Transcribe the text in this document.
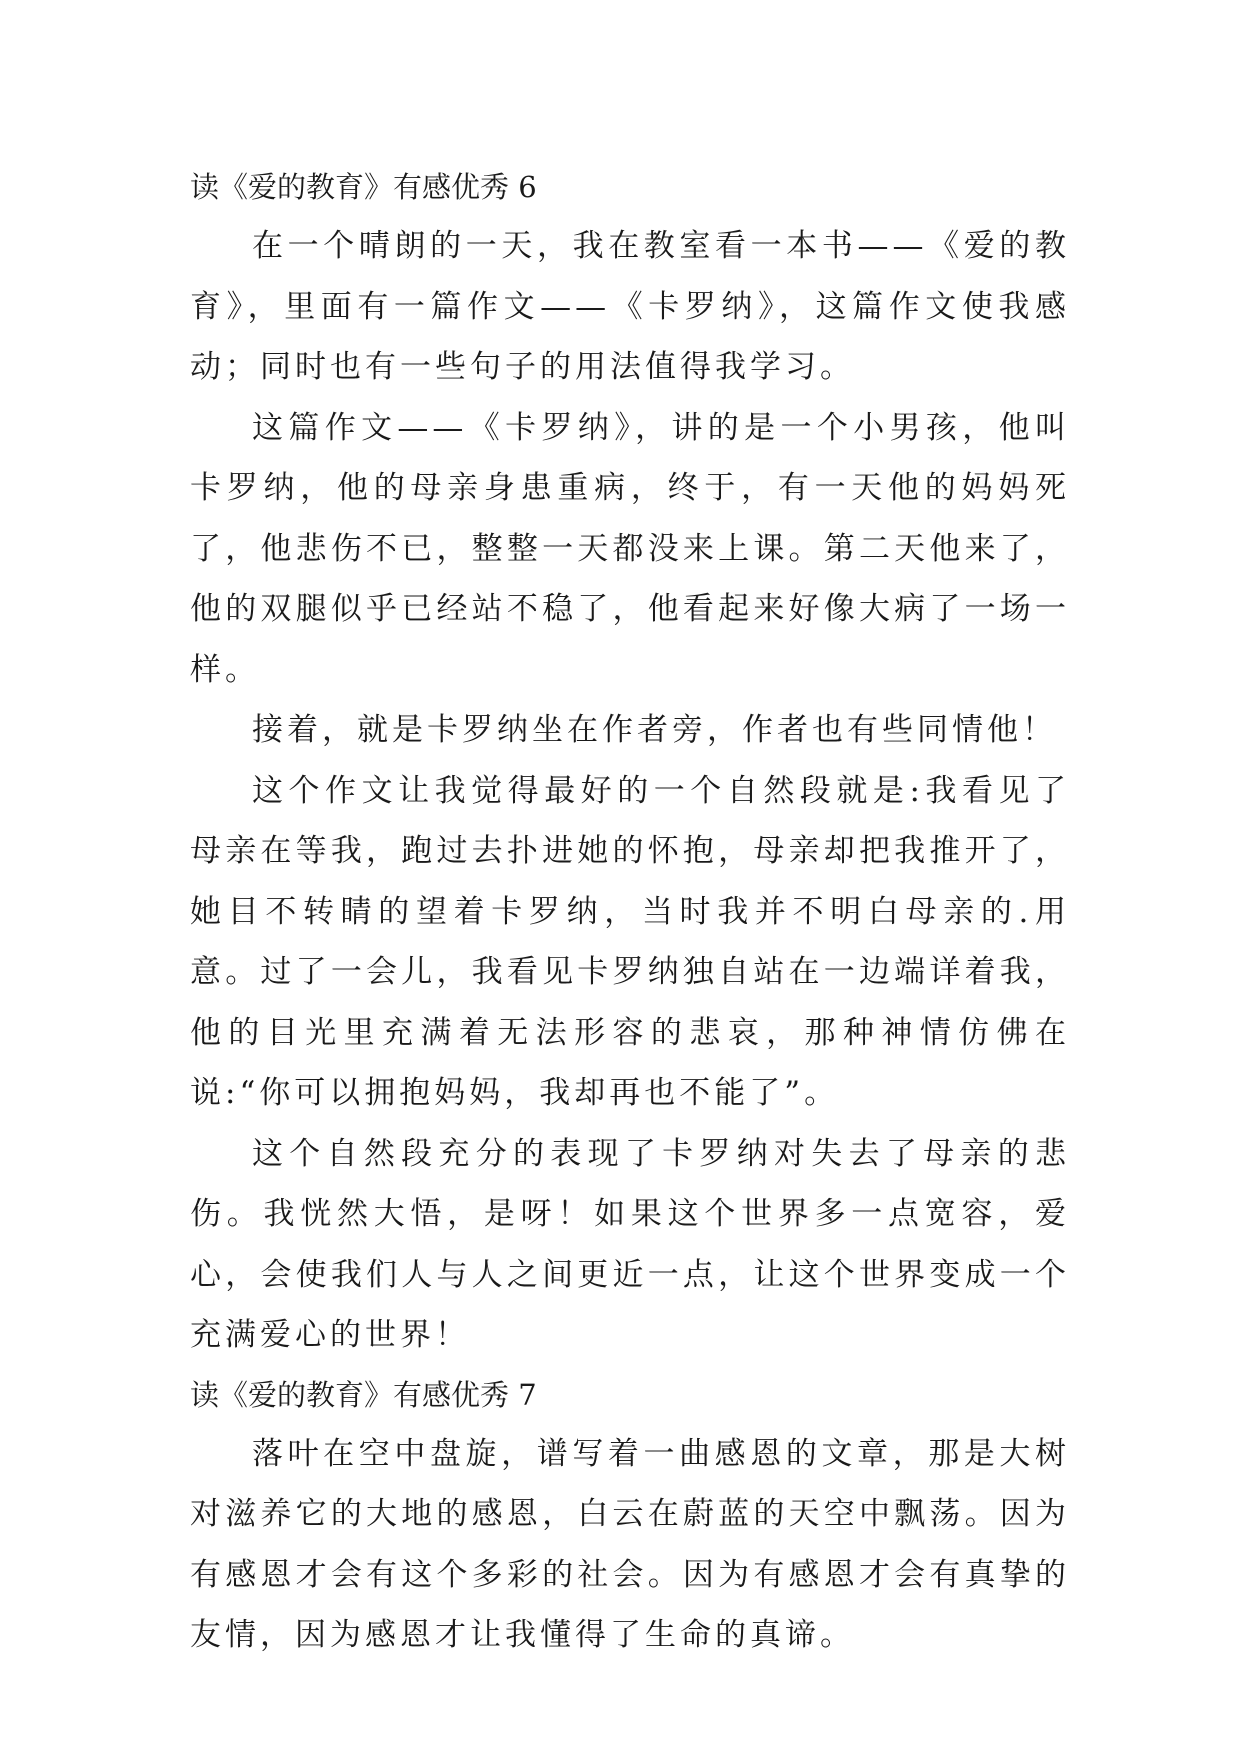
读《爱的教育》有感优秀 6

在一个晴朗的一天，我在教室看一本书——《爱的教育》，里面有一篇作文——《卡罗纳》，这篇作文使我感动；同时也有一些句子的用法值得我学习。

这篇作文——《卡罗纳》，讲的是一个小男孩，他叫卡罗纳，他的母亲身患重病，终于，有一天他的妈妈死了，他悲伤不已，整整一天都没来上课。第二天他来了，他的双腿似乎已经站不稳了，他看起来好像大病了一场一样。

接着，就是卡罗纳坐在作者旁，作者也有些同情他！

这个作文让我觉得最好的一个自然段就是:我看见了母亲在等我，跑过去扑进她的怀抱，母亲却把我推开了，她目不转睛的望着卡罗纳，当时我并不明白母亲的.用意。过了一会儿，我看见卡罗纳独自站在一边端详着我，他的目光里充满着无法形容的悲哀，那种神情仿佛在说:“你可以拥抱妈妈，我却再也不能了”。

这个自然段充分的表现了卡罗纳对失去了母亲的悲伤。我恍然大悟，是呀！如果这个世界多一点宽容，爱心，会使我们人与人之间更近一点，让这个世界变成一个充满爱心的世界！

读《爱的教育》有感优秀 7

落叶在空中盘旋，谱写着一曲感恩的文章，那是大树对滋养它的大地的感恩，白云在蔚蓝的天空中飘荡。因为有感恩才会有这个多彩的社会。因为有感恩才会有真挚的友情，因为感恩才让我懂得了生命的真谛。
